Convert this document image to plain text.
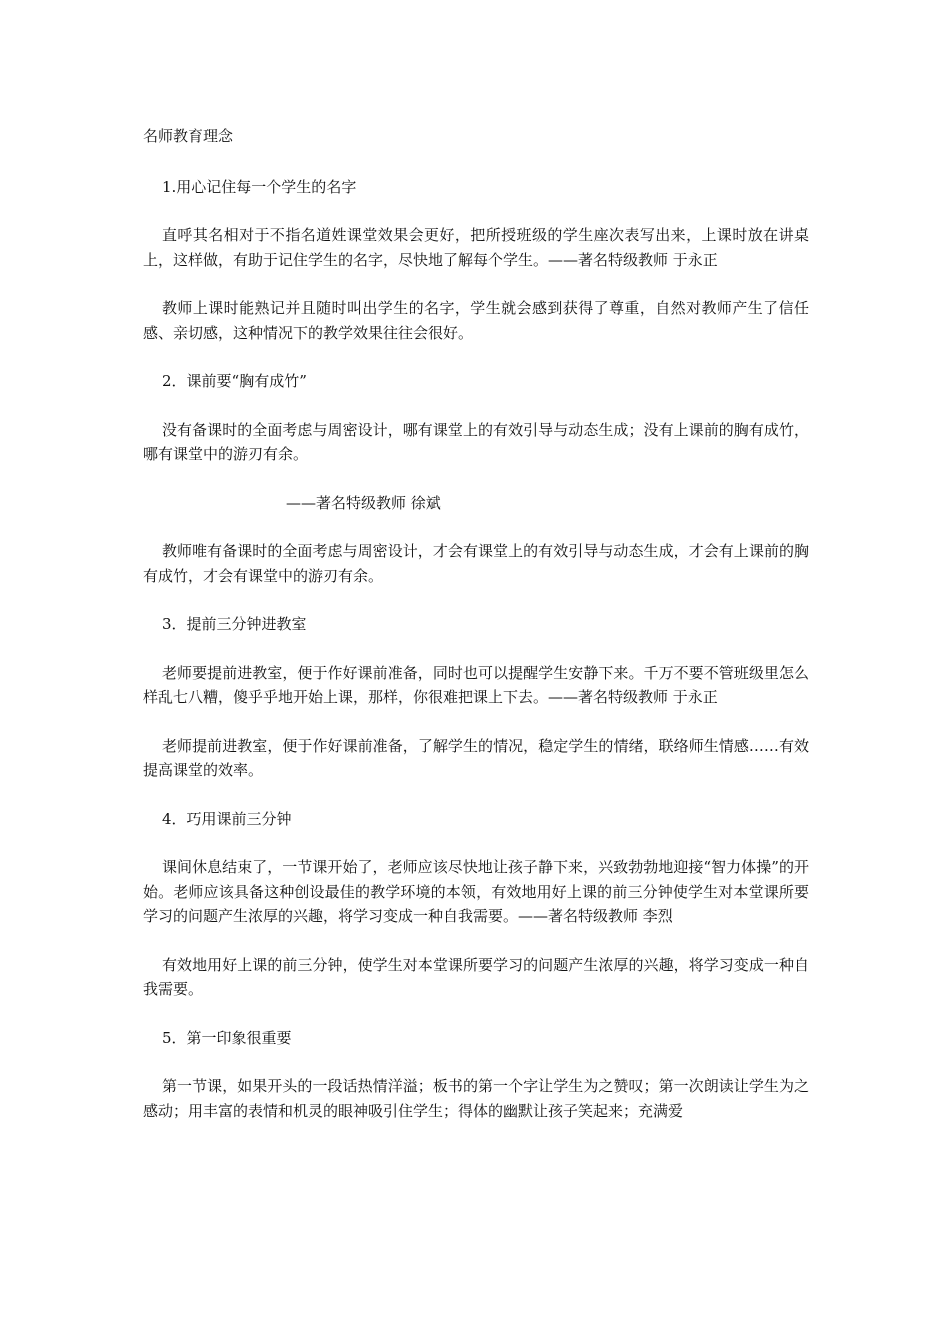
名师教育理念

1.用心记住每一个学生的名字

直呼其名相对于不指名道姓课堂效果会更好，把所授班级的学生座次表写出来，上课时放在讲桌上，这样做，有助于记住学生的名字，尽快地了解每个学生。——著名特级教师 于永正

教师上课时能熟记并且随时叫出学生的名字，学生就会感到获得了尊重，自然对教师产生了信任感、亲切感，这种情况下的教学效果往往会很好。

2．课前要“胸有成竹”

没有备课时的全面考虑与周密设计，哪有课堂上的有效引导与动态生成；没有上课前的胸有成竹，哪有课堂中的游刃有余。

——著名特级教师 徐斌

教师唯有备课时的全面考虑与周密设计，才会有课堂上的有效引导与动态生成，才会有上课前的胸有成竹，才会有课堂中的游刃有余。

3．提前三分钟进教室

老师要提前进教室，便于作好课前准备，同时也可以提醒学生安静下来。千万不要不管班级里怎么样乱七八糟，傻乎乎地开始上课，那样，你很难把课上下去。——著名特级教师 于永正

老师提前进教室，便于作好课前准备，了解学生的情况，稳定学生的情绪，联络师生情感……有效提高课堂的效率。

4．巧用课前三分钟

课间休息结束了，一节课开始了，老师应该尽快地让孩子静下来，兴致勃勃地迎接“智力体操”的开始。老师应该具备这种创设最佳的教学环境的本领，有效地用好上课的前三分钟使学生对本堂课所要学习的问题产生浓厚的兴趣，将学习变成一种自我需要。——著名特级教师 李烈

有效地用好上课的前三分钟，使学生对本堂课所要学习的问题产生浓厚的兴趣，将学习变成一种自我需要。

5．第一印象很重要

第一节课，如果开头的一段话热情洋溢；板书的第一个字让学生为之赞叹；第一次朗读让学生为之感动；用丰富的表情和机灵的眼神吸引住学生；得体的幽默让孩子笑起来；充满爱
